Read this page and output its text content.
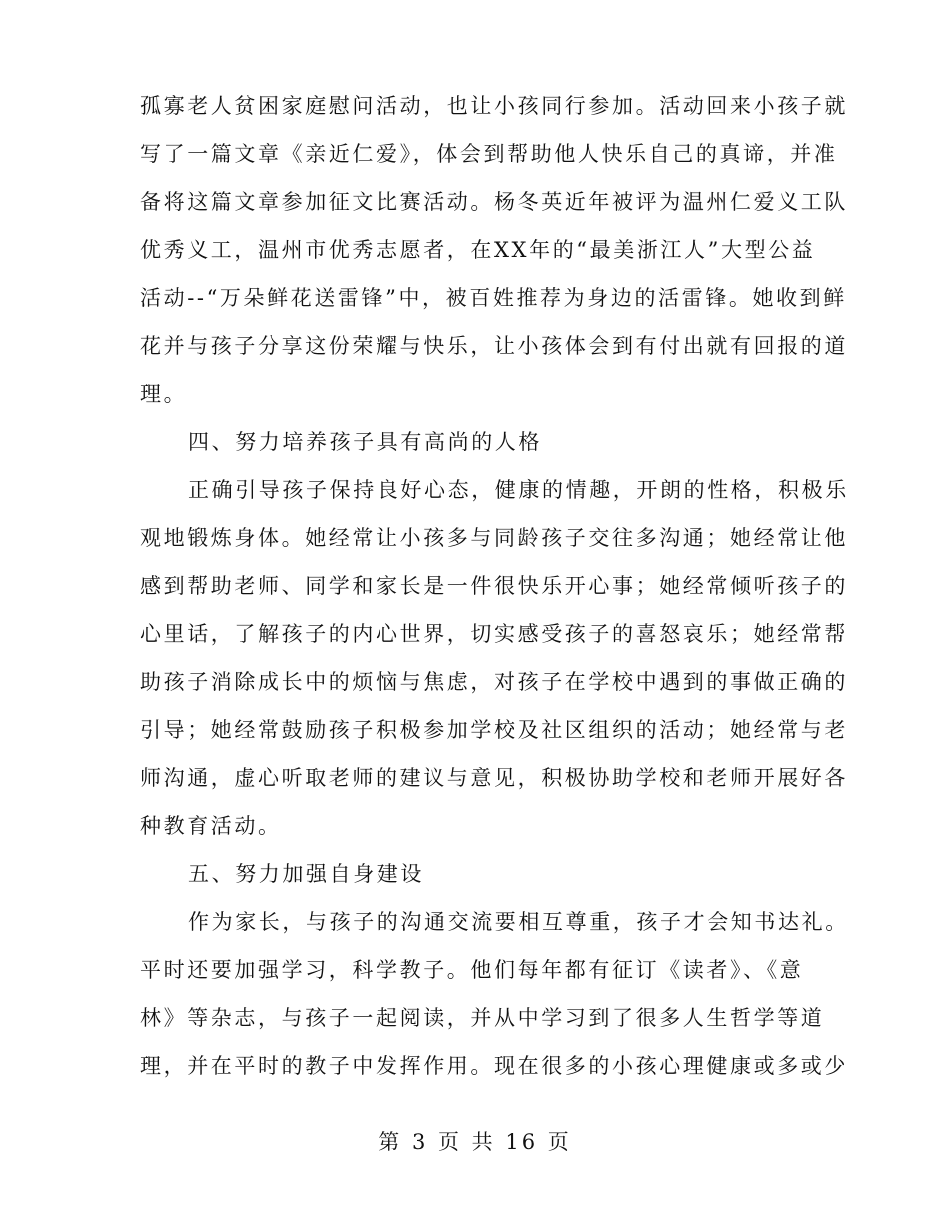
孤寡老人贫困家庭慰问活动，也让小孩同行参加。活动回来小孩子就
写了一篇文章《亲近仁爱》，体会到帮助他人快乐自己的真谛，并准
备将这篇文章参加征文比赛活动。杨冬英近年被评为温州仁爱义工队
优秀义工，温州市优秀志愿者，在XX年的“最美浙江人”大型公益
活动--“万朵鲜花送雷锋”中，被百姓推荐为身边的活雷锋。她收到鲜
花并与孩子分享这份荣耀与快乐，让小孩体会到有付出就有回报的道
理。
四、努力培养孩子具有高尚的人格
正确引导孩子保持良好心态，健康的情趣，开朗的性格，积极乐
观地锻炼身体。她经常让小孩多与同龄孩子交往多沟通；她经常让他
感到帮助老师、同学和家长是一件很快乐开心事；她经常倾听孩子的
心里话，了解孩子的内心世界，切实感受孩子的喜怒哀乐；她经常帮
助孩子消除成长中的烦恼与焦虑，对孩子在学校中遇到的事做正确的
引导；她经常鼓励孩子积极参加学校及社区组织的活动；她经常与老
师沟通，虚心听取老师的建议与意见，积极协助学校和老师开展好各
种教育活动。
五、努力加强自身建设
作为家长，与孩子的沟通交流要相互尊重，孩子才会知书达礼。
平时还要加强学习，科学教子。他们每年都有征订《读者》、《意
林》等杂志，与孩子一起阅读，并从中学习到了很多人生哲学等道
理，并在平时的教子中发挥作用。现在很多的小孩心理健康或多或少
第 3 页 共 16 页
